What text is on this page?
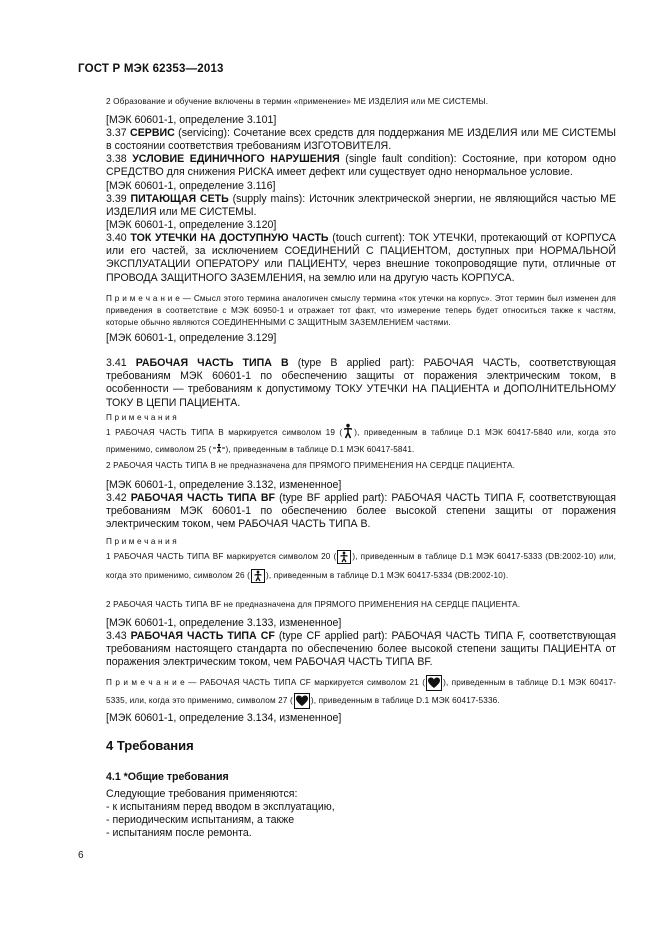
ГОСТ Р МЭК 62353—2013
2 Образование и обучение включены в термин «применение» МЕ ИЗДЕЛИЯ или МЕ СИСТЕМЫ.
[МЭК 60601-1, определение 3.101]
3.37 СЕРВИС (servicing): Сочетание всех средств для поддержания МЕ ИЗДЕЛИЯ или МЕ СИСТЕМЫ в состоянии соответствия требованиям ИЗГОТОВИТЕЛЯ.
3.38 УСЛОВИЕ ЕДИНИЧНОГО НАРУШЕНИЯ (single fault condition): Состояние, при котором одно СРЕДСТВО для снижения РИСКА имеет дефект или существует одно ненормальное условие.
[МЭК 60601-1, определение 3.116]
3.39 ПИТАЮЩАЯ СЕТЬ (supply mains): Источник электрической энергии, не являющийся частью МЕ ИЗДЕЛИЯ или МЕ СИСТЕМЫ.
[МЭК 60601-1, определение 3.120]
3.40 ТОК УТЕЧКИ НА ДОСТУПНУЮ ЧАСТЬ (touch current): ТОК УТЕЧКИ, протекающий от КОРПУСА или его частей, за исключением СОЕДИНЕНИЙ С ПАЦИЕНТОМ, доступных при НОРМАЛЬНОЙ ЭКСПЛУАТАЦИИ ОПЕРАТОРУ или ПАЦИЕНТУ, через внешние токопроводящие пути, отличные от ПРОВОДА ЗАЩИТНОГО ЗАЗЕМЛЕНИЯ, на землю или на другую часть КОРПУСА.
П р и м е ч а н и е — Смысл этого термина аналогичен смыслу термина «ток утечки на корпус». Этот термин был изменен для приведения в соответствие с МЭК 60950-1 и отражает тот факт, что измерение теперь будет относиться также к частям, которые обычно являются СОЕДИНЕННЫМИ С ЗАЩИТНЫМ ЗАЗЕМЛЕНИЕМ частями.
[МЭК 60601-1, определение 3.129]
3.41 РАБОЧАЯ ЧАСТЬ ТИПА В (type B applied part): РАБОЧАЯ ЧАСТЬ, соответствующая требованиям МЭК 60601-1 по обеспечению защиты от поражения электрическим током, в особенности — требованиям к допустимому ТОКУ УТЕЧКИ НА ПАЦИЕНТА и ДОПОЛНИТЕЛЬНОМУ ТОКУ В ЦЕПИ ПАЦИЕНТА.
П р и м е ч а н и я
1 РАБОЧАЯ ЧАСТЬ ТИПА В маркируется символом 19 ( ), приведенным в таблице D.1 МЭК 60417-5840 или, когда это применимо, символом 25 ( ), приведенным в таблице D.1 МЭК 60417-5841.
2 РАБОЧАЯ ЧАСТЬ ТИПА В не предназначена для ПРЯМОГО ПРИМЕНЕНИЯ НА СЕРДЦЕ ПАЦИЕНТА.
[МЭК 60601-1, определение 3.132, измененное]
3.42 РАБОЧАЯ ЧАСТЬ ТИПА BF (type BF applied part): РАБОЧАЯ ЧАСТЬ ТИПА F, соответствующая требованиям МЭК 60601-1 по обеспечению более высокой степени защиты от поражения электрическим током, чем РАБОЧАЯ ЧАСТЬ ТИПА В.
П р и м е ч а н и я
1 РАБОЧАЯ ЧАСТЬ ТИПА BF маркируется символом 20 ( ), приведенным в таблице D.1 МЭК 60417-5333 (DB:2002-10) или, когда это применимо, символом 26 ( ), приведенным в таблице D.1 МЭК 60417-5334 (DB:2002-10).
2 РАБОЧАЯ ЧАСТЬ ТИПА BF не предназначена для ПРЯМОГО ПРИМЕНЕНИЯ НА СЕРДЦЕ ПАЦИЕНТА.
[МЭК 60601-1, определение 3.133, измененное]
3.43 РАБОЧАЯ ЧАСТЬ ТИПА CF (type CF applied part): РАБОЧАЯ ЧАСТЬ ТИПА F, соответствующая требованиям настоящего стандарта по обеспечению более высокой степени защиты ПАЦИЕНТА от поражения электрическим током, чем РАБОЧАЯ ЧАСТЬ ТИПА BF.
П р и м е ч а н и е — РАБОЧАЯ ЧАСТЬ ТИПА CF маркируется символом 21 ( ), приведенным в таблице D.1 МЭК 60417-5335, или, когда это применимо, символом 27 ( ), приведенным в таблице D.1 МЭК 60417-5336.
[МЭК 60601-1, определение 3.134, измененное]
4 Требования
4.1 *Общие требования
Следующие требования применяются:
- к испытаниям перед вводом в эксплуатацию,
- периодическим испытаниям, а также
- испытаниям после ремонта.
6
